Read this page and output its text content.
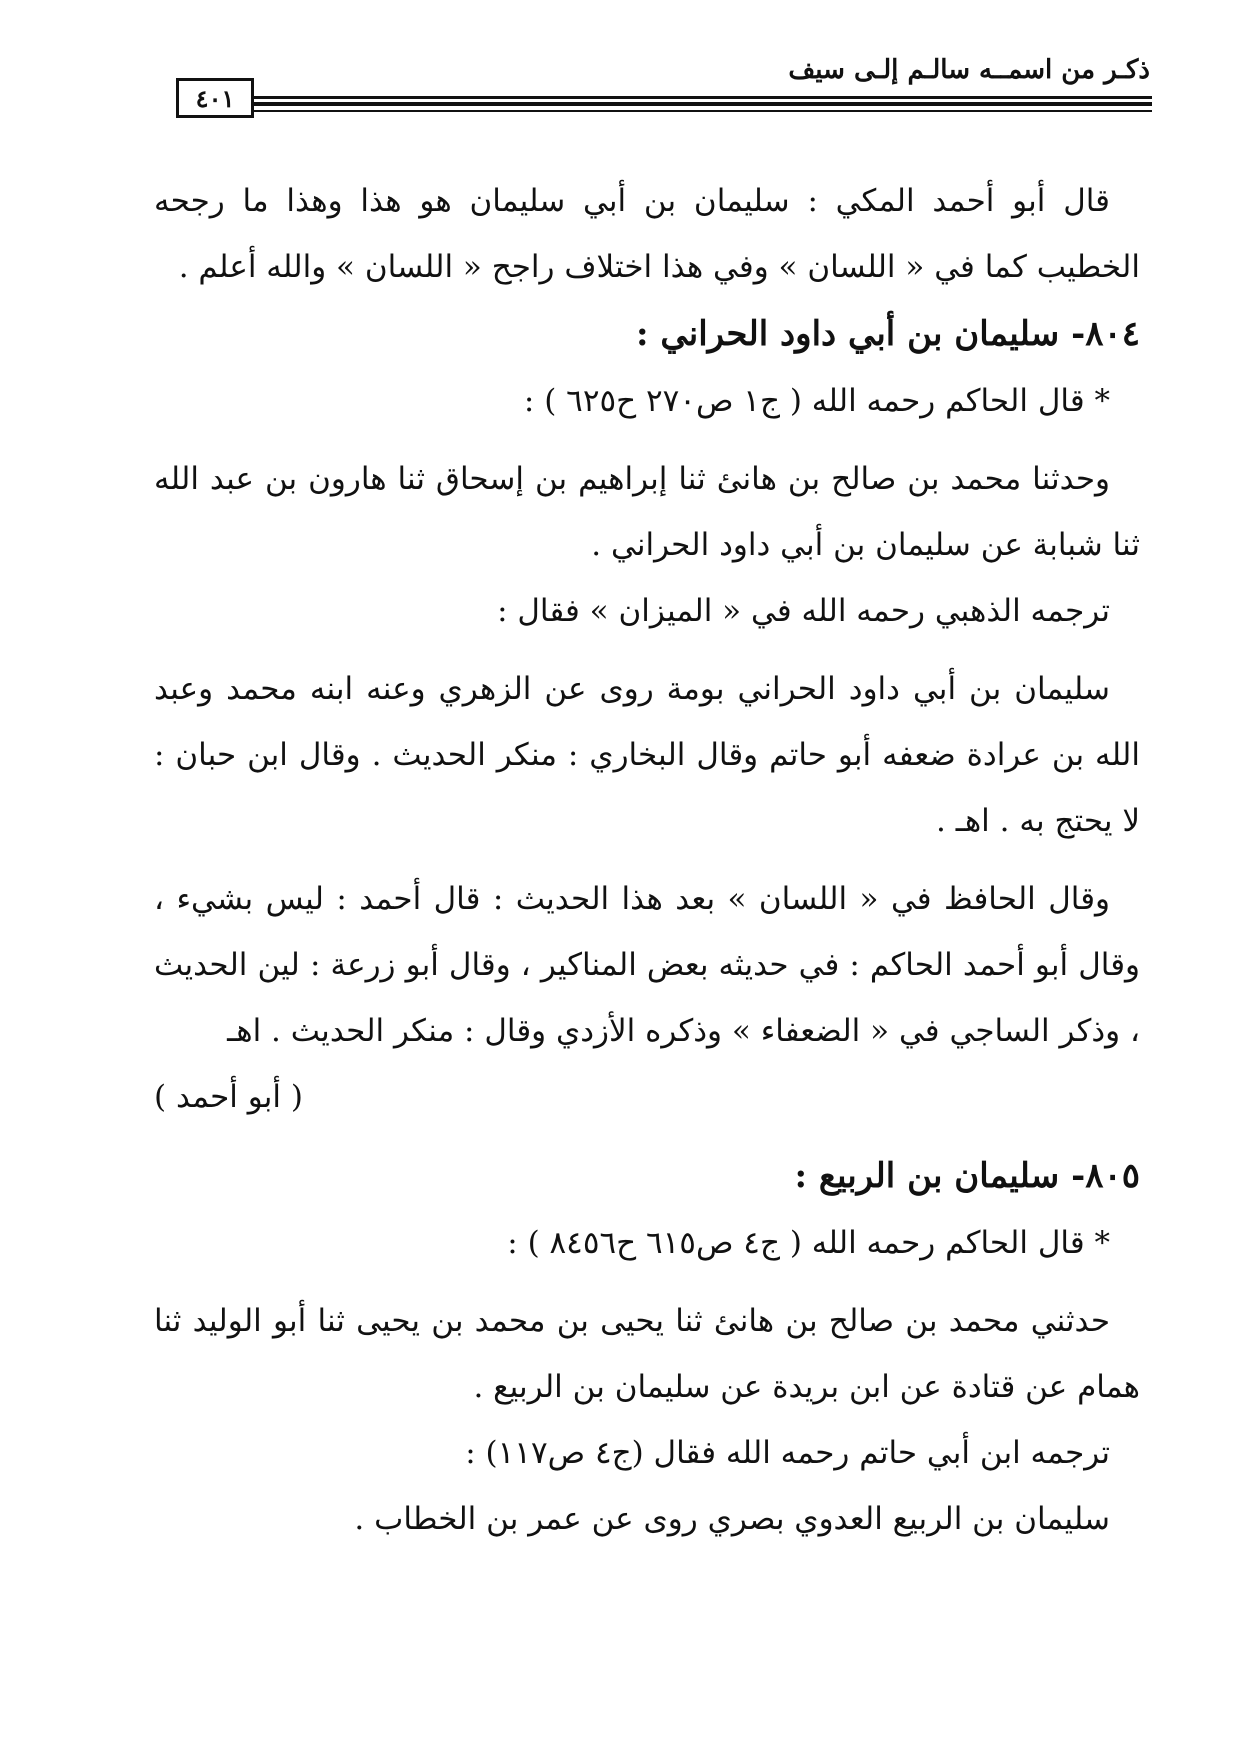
ذكـر من اسمــه سالـم إلـى سيف
٤٠١

قال أبو أحمد المكي : سليمان بن أبي سليمان هو هذا وهذا ما رجحه الخطيب كما في « اللسان » وفي هذا اختلاف راجح « اللسان » والله أعلم .

٨٠٤- سليمان بن أبي داود الحراني :

* قال الحاكم رحمه الله ( ج١ ص٢٧٠ ح٦٢٥ ) :

وحدثنا محمد بن صالح بن هانئ ثنا إبراهيم بن إسحاق ثنا هارون بن عبد الله ثنا شبابة عن سليمان بن أبي داود الحراني .

ترجمه الذهبي رحمه الله في « الميزان » فقال :

سليمان بن أبي داود الحراني بومة روى عن الزهري وعنه ابنه محمد وعبد الله بن عرادة ضعفه أبو حاتم وقال البخاري : منكر الحديث . وقال ابن حبان : لا يحتج به . اهـ .

وقال الحافظ في « اللسان » بعد هذا الحديث : قال أحمد : ليس بشيء ، وقال أبو أحمد الحاكم : في حديثه بعض المناكير ، وقال أبو زرعة : لين الحديث ، وذكر الساجي في « الضعفاء » وذكره الأزدي وقال : منكر الحديث . اهـ

( أبو أحمد )

٨٠٥- سليمان بن الربيع :

* قال الحاكم رحمه الله ( ج٤ ص٦١٥ ح٨٤٥٦ ) :

حدثني محمد بن صالح بن هانئ ثنا يحيى بن محمد بن يحيى ثنا أبو الوليد ثنا همام عن قتادة عن ابن بريدة عن سليمان بن الربيع .

ترجمه ابن أبي حاتم رحمه الله فقال (ج٤ ص١١٧) :

سليمان بن الربيع العدوي بصري روى عن عمر بن الخطاب .
